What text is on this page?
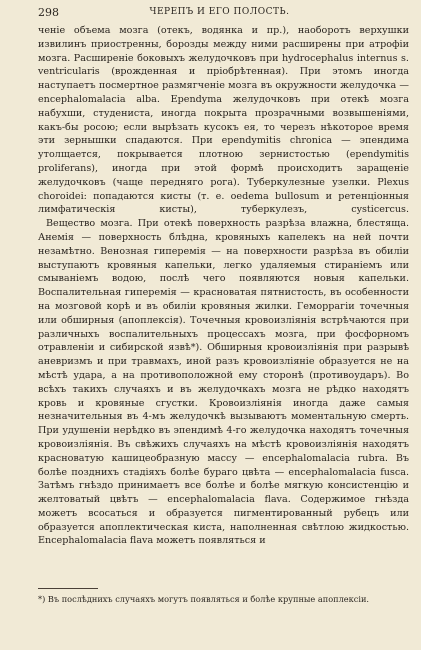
298	ЧЕРЕПЪ И ЕГО ПОЛОСТЬ.

ченіе объема мозга (отекъ, водянка и пр.), наоборотъ верхушки извилинъ приостренны, борозды между ними расширены при атрофіи мозга. Расширеніе боковыхъ желудочковъ при hydrocephalus internus s. ventricularis (врожденная и пріобрѣтенная). При этомъ иногда наступаетъ посмертное размягченіе мозга въ окружности желудочка — encephalomalacia alba. Ependyma желудочковъ при отекѣ мозга набухши, студениста, иногда покрыта прозрачными возвышеніями, какъ-бы росою; если вырѣзать кусокъ ея, то черезъ нѣкоторое время эти зернышки спадаются. При ependymitis chronica — эпендима утолщается, покрывается плотною зернистостью (ependymitis proliferans), иногда при этой формѣ происходитъ заращеніе желудочковъ (чаще передняго рога). Туберкулезные узелки. Plexus choroidei: попадаются кисты (т. е. oedema bullosum и ретенціонныя лимфатическія кисты), туберкулезъ, cysticercus.

Вещество мозга. При отекѣ поверхность разрѣза влажна, блестяща. Анемія — поверхность блѣдна, кровяныхъ капелекъ на ней почти незамѣтно. Венозная гиперемія — на поверхности разрѣза въ обиліи выступаютъ кровяныя капельки, легко удаляемыя стираніемъ или смываніемъ водою, послѣ чего появляются новыя капельки. Воспалительная гиперемія — красноватая пятнистость, въ особенности на мозговой корѣ и въ обиліи кровяныя жилки. Геморрагіи точечныя или обширныя (апоплексія). Точечныя кровоизліянія встрѣчаются при различныхъ воспалительныхъ процессахъ мозга, при фосфорномъ отравленіи и сибирской язвѣ*). Обширныя кровоизліянія при разрывѣ аневризмъ и при травмахъ, иной разъ кровоизліяніе образуется не на мѣстѣ удара, а на противоположной ему сторонѣ (противоударъ). Во всѣхъ такихъ случаяхъ и въ желудочкахъ мозга не рѣдко находятъ кровь и кровяные сгустки. Кровоизліянія иногда даже самыя незначительныя въ 4-мъ желудочкѣ вызываютъ моментальную смерть. При удушеніи нерѣдко въ эпендимѣ 4-го желудочка находятъ точечныя кровоизліянія. Въ свѣжихъ случаяхъ на мѣстѣ кровоизліянія находятъ красноватую кашицеобразную массу — encephalomalacia rubra. Въ болѣе позднихъ стадіяхъ болѣе бураго цвѣта — encephalomalacia fusca. Затѣмъ гнѣздо принимаетъ все болѣе и болѣе мягкую консистенцію и желтоватый цвѣтъ — encephalomalacia flava. Содержимое гнѣзда можетъ всосаться и образуется пигментированный рубецъ или образуется апоплектическая киста, наполненная свѣтлою жидкостью. Encephalomalacia flava можетъ появляться и

*) Въ послѣднихъ случаяхъ могутъ появляться и болѣе крупные апоплексіи.
